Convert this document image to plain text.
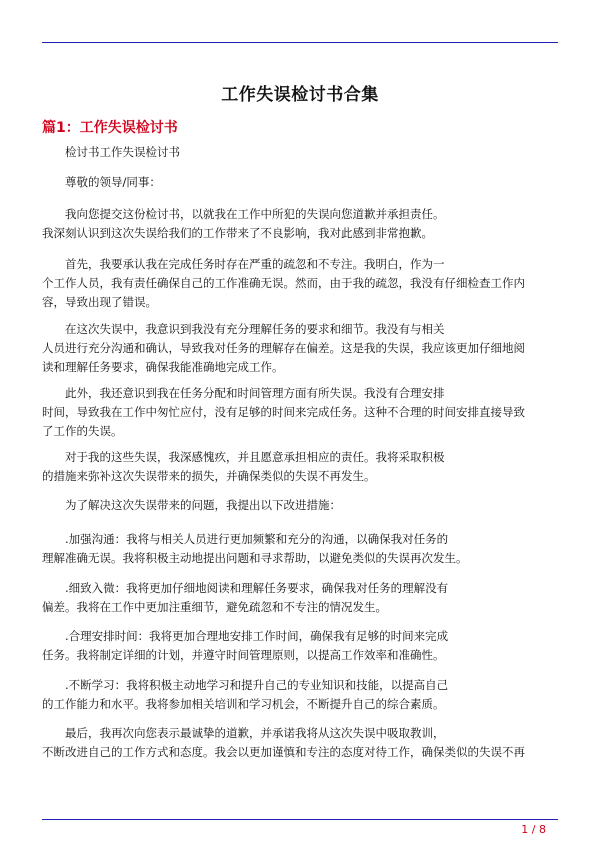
工作失误检讨书合集
篇1：工作失误检讨书

　　检讨书工作失误检讨书

　　尊敬的领导/同事：

　　我向您提交这份检讨书，以就我在工作中所犯的失误向您道歉并承担责任。
我深刻认识到这次失误给我们的工作带来了不良影响，我对此感到非常抱歉。

　　首先，我要承认我在完成任务时存在严重的疏忽和不专注。我明白，作为一
个工作人员，我有责任确保自己的工作准确无误。然而，由于我的疏忽，我没有仔细检查工作内
容，导致出现了错误。

　　在这次失误中，我意识到我没有充分理解任务的要求和细节。我没有与相关
人员进行充分沟通和确认，导致我对任务的理解存在偏差。这是我的失误，我应该更加仔细地阅
读和理解任务要求，确保我能准确地完成工作。

　　此外，我还意识到我在任务分配和时间管理方面有所失误。我没有合理安排
时间，导致我在工作中匆忙应付，没有足够的时间来完成任务。这种不合理的时间安排直接导致
了工作的失误。

　　对于我的这些失误，我深感愧疚，并且愿意承担相应的责任。我将采取积极
的措施来弥补这次失误带来的损失，并确保类似的失误不再发生。

　　为了解决这次失误带来的问题，我提出以下改进措施：

　　.加强沟通：我将与相关人员进行更加频繁和充分的沟通，以确保我对任务的
理解准确无误。我将积极主动地提出问题和寻求帮助，以避免类似的失误再次发生。

　　.细致入微：我将更加仔细地阅读和理解任务要求，确保我对任务的理解没有
偏差。我将在工作中更加注重细节，避免疏忽和不专注的情况发生。

　　.合理安排时间：我将更加合理地安排工作时间，确保我有足够的时间来完成
任务。我将制定详细的计划，并遵守时间管理原则，以提高工作效率和准确性。

　　.不断学习：我将积极主动地学习和提升自己的专业知识和技能，以提高自己
的工作能力和水平。我将参加相关培训和学习机会，不断提升自己的综合素质。

　　最后，我再次向您表示最诚挚的道歉，并承诺我将从这次失误中吸取教训，
不断改进自己的工作方式和态度。我会以更加谨慎和专注的态度对待工作，确保类似的失误不再

1 / 8
